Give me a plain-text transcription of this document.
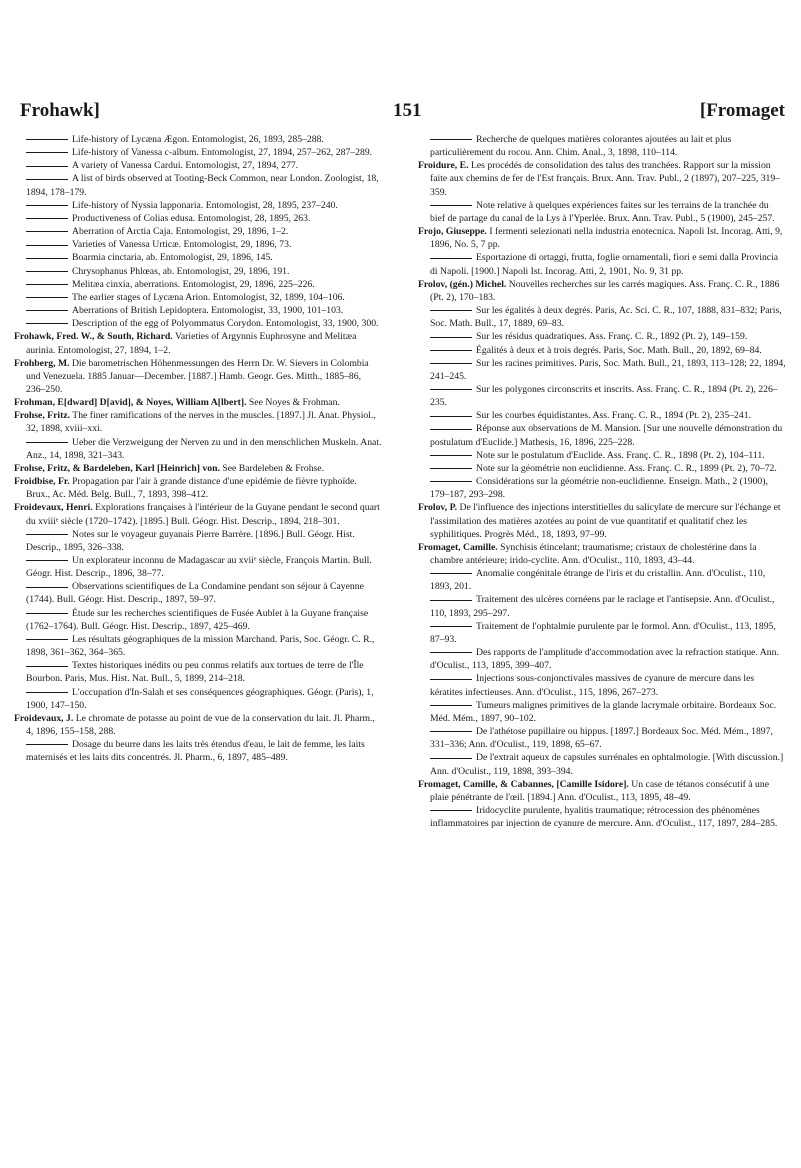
Frohawk]	151	[Fromaget

Life-history of Lycæna Ægon. Entomologist, 26, 1893, 285–288.

Life-history of Vanessa c-album. Entomologist, 27, 1894, 257–262, 287–289.

A variety of Vanessa Cardui. Entomologist, 27, 1894, 277.

A list of birds observed at Tooting-Beck Common, near London. Zoologist, 18, 1894, 178–179.

Life-history of Nyssia lapponaria. Entomologist, 28, 1895, 237–240.

Productiveness of Colias edusa. Entomologist, 28, 1895, 263.

Aberration of Arctia Caja. Entomologist, 29, 1896, 1–2.

Varieties of Vanessa Urticæ. Entomologist, 29, 1896, 73.

Boarmia cinctaria, ab. Entomologist, 29, 1896, 145.

Chrysophanus Phlœas, ab. Entomologist, 29, 1896, 191.

Melitæa cinxia, aberrations. Entomologist, 29, 1896, 225–226.

The earlier stages of Lycæna Arion. Entomologist, 32, 1899, 104–106.

Aberrations of British Lepidoptera. Entomologist, 33, 1900, 101–103.

Description of the egg of Polyommatus Corydon. Entomologist, 33, 1900, 300.

Frohawk, Fred. W., & South, Richard. Varieties of Argynnis Euphrosyne and Melitæa aurinia. Entomologist, 27, 1894, 1–2.

Frohberg, M. Die barometrischen Höhenmessungen des Herrn Dr. W. Sievers in Colombia und Venezuela. 1885 Januar—December. [1887.] Hamb. Geogr. Ges. Mitth., 1885–86, 236–250.

Frohman, E[dward] D[avid], & Noyes, William A[lbert]. See Noyes & Frohman.

Frohse, Fritz. The finer ramifications of the nerves in the muscles. [1897.] Jl. Anat. Physiol., 32, 1898, xviii–xxi.

Ueber die Verzweigung der Nerven zu und in den menschlichen Muskeln. Anat. Anz., 14, 1898, 321–343.

Frohse, Fritz, & Bardeleben, Karl [Heinrich] von. See Bardeleben & Frohse.

Froidbise, Fr. Propagation par l'air à grande distance d'une epidémie de fièvre typhoïde. Brux., Ac. Méd. Belg. Bull., 7, 1893, 398–412.

Froidevaux, Henri. Explorations françaises à l'intérieur de la Guyane pendant le second quart du xviiiᵉ siècle (1720–1742). [1895.] Bull. Géogr. Hist. Descrip., 1894, 218–301.

Notes sur le voyageur guyanais Pierre Barrère. [1896.] Bull. Géogr. Hist. Descrip., 1895, 326–338.

Un explorateur inconnu de Madagascar au xviiᵉ siècle, François Martin. Bull. Géogr. Hist. Descrip., 1896, 38–77.

Observations scientifiques de La Condamine pendant son séjour à Cayenne (1744). Bull. Géogr. Hist. Descrip., 1897, 59–97.

Étude sur les recherches scientifiques de Fusée Aublet à la Guyane française (1762–1764). Bull. Géogr. Hist. Descrip., 1897, 425–469.

Les résultats géographiques de la mission Marchand. Paris, Soc. Géogr. C. R., 1898, 361–362, 364–365.

Textes historiques inédits ou peu connus relatifs aux tortues de terre de l'Île Bourbon. Paris, Mus. Hist. Nat. Bull., 5, 1899, 214–218.

L'occupation d'In-Salah et ses conséquences géographiques. Géogr. (Paris), 1, 1900, 147–150.

Froidevaux, J. Le chromate de potasse au point de vue de la conservation du lait. Jl. Pharm., 4, 1896, 155–158, 288.

Dosage du beurre dans les laits très étendus d'eau, le lait de femme, les laits maternisés et les laits dits concentrés. Jl. Pharm., 6, 1897, 485–489.

Recherche de quelques matières colorantes ajoutées au lait et plus particulièrement du rocou. Ann. Chim. Anal., 3, 1898, 110–114.

Froidure, E. Les procédés de consolidation des talus des tranchées. Rapport sur la mission faite aux chemins de fer de l'Est français. Brux. Ann. Trav. Publ., 2 (1897), 207–225, 319–359.

Note relative à quelques expériences faites sur les terrains de la tranchée du bief de partage du canal de la Lys à l'Yperlée. Brux. Ann. Trav. Publ., 5 (1900), 245–257.

Frojo, Giuseppe. I fermenti selezionati nella industria enotecnica. Napoli Ist. Incorag. Atti, 9, 1896, No. 5, 7 pp.

Esportazione di ortaggi, frutta, foglie ornamentali, fiori e semi dalla Provincia di Napoli. [1900.] Napoli Ist. Incorag. Atti, 2, 1901, No. 9, 31 pp.

Frolov, (gén.) Michel. Nouvelles recherches sur les carrés magiques. Ass. Franç. C. R., 1886 (Pt. 2), 170–183.

Sur les égalités à deux degrés. Paris, Ac. Sci. C. R., 107, 1888, 831–832; Paris, Soc. Math. Bull., 17, 1889, 69–83.

Sur les résidus quadratiques. Ass. Franç. C. R., 1892 (Pt. 2), 149–159.

Égalités à deux et à trois degrés. Paris, Soc. Math. Bull., 20, 1892, 69–84.

Sur les racines primitives. Paris, Soc. Math. Bull., 21, 1893, 113–128; 22, 1894, 241–245.

Sur les polygones circonscrits et inscrits. Ass. Franç. C. R., 1894 (Pt. 2), 226–235.

Sur les courbes équidistantes. Ass. Franç. C. R., 1894 (Pt. 2), 235–241.

Réponse aux observations de M. Mansion. [Sur une nouvelle démonstration du postulatum d'Euclide.] Mathesis, 16, 1896, 225–228.

Note sur le postulatum d'Euclide. Ass. Franç. C. R., 1898 (Pt. 2), 104–111.

Note sur la géométrie non euclidienne. Ass. Franç. C. R., 1899 (Pt. 2), 70–72.

Considérations sur la géométrie non-euclidienne. Enseign. Math., 2 (1900), 179–187, 293–298.

Frolov, P. De l'influence des injections interstitielles du salicylate de mercure sur l'échange et l'assimilation des matières azotées au point de vue quantitatif et qualitatif chez les syphilitiques. Progrès Méd., 18, 1893, 97–99.

Fromaget, Camille. Synchisis étincelant; traumatisme; cristaux de cholestérine dans la chambre antérieure; irido-cyclite. Ann. d'Oculist., 110, 1893, 43–44.

Anomalie congénitale étrange de l'iris et du cristallin. Ann. d'Oculist., 110, 1893, 201.

Traitement des ulcères cornéens par le raclage et l'antisepsie. Ann. d'Oculist., 110, 1893, 295–297.

Traitement de l'ophtalmie purulente par le formol. Ann. d'Oculist., 113, 1895, 87–93.

Des rapports de l'amplitude d'accommodation avec la refraction statique. Ann. d'Oculist., 113, 1895, 399–407.

Injections sous-conjonctivales massives de cyanure de mercure dans les kératites infectieuses. Ann. d'Oculist., 115, 1896, 267–273.

Tumeurs malignes primitives de la glande lacrymale orbitaire. Bordeaux Soc. Méd. Mém., 1897, 90–102.

De l'athétose pupillaire ou hippus. [1897.] Bordeaux Soc. Méd. Mém., 1897, 331–336; Ann. d'Oculist., 119, 1898, 65–67.

De l'extrait aqueux de capsules surrénales en ophtalmologie. [With discussion.] Ann. d'Oculist., 119, 1898, 393–394.

Fromaget, Camille, & Cabannes, [Camille Isidore]. Un case de tétanos consécutif à une plaie pénétrante de l'œil. [1894.] Ann. d'Oculist., 113, 1895, 48–49.

Iridocyclite purulente, hyalitis traumatique; rétrocession des phénomènes inflammatoires par injection de cyanure de mercure. Ann. d'Oculist., 117, 1897, 284–285.
